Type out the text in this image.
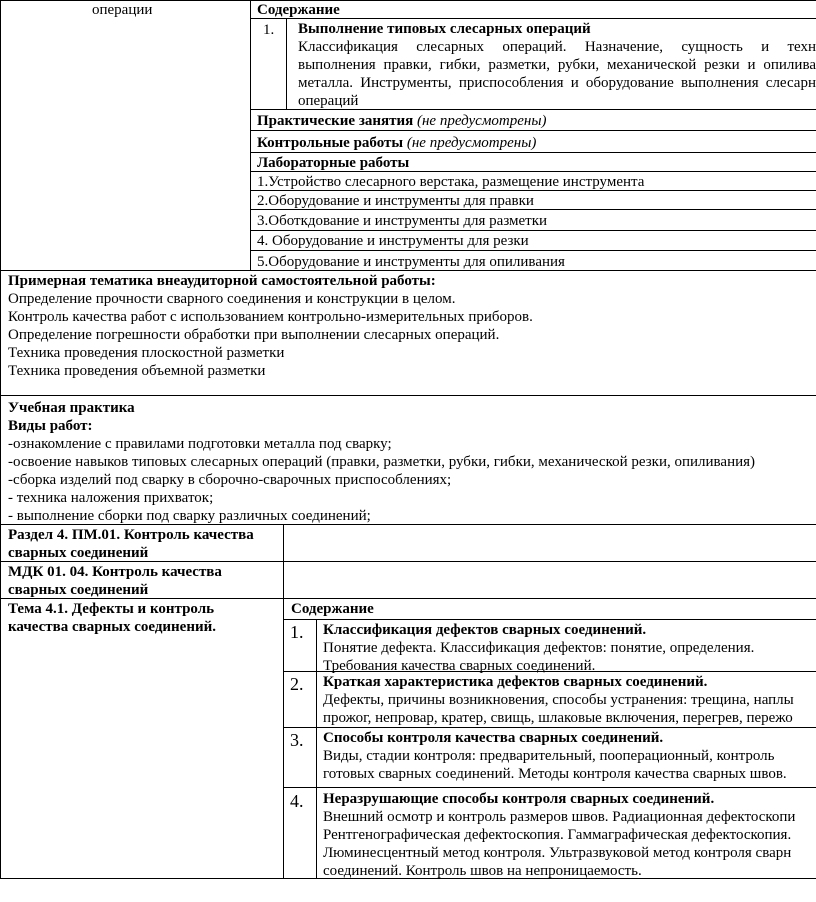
операции	Содержание
1. Выполнение типовых слесарных операций
Классификация слесарных операций. Назначение, сущность и техн
выполнения правки, гибки, разметки, рубки, механической резки и опилива
металла. Инструменты, приспособления и оборудование выполнения слесарн
операций
Практические занятия (не предусмотрены)
Контрольные работы (не предусмотрены)
Лабораторные работы
1.Устройство слесарного верстака, размещение инструмента
2.Оборудование и инструменты для правки
3.Оботкдование и инструменты для разметки
4. Оборудование и инструменты для резки
5.Оборудование и инструменты для опиливания
Примерная тематика внеаудиторной самостоятельной работы:
Определение прочности сварного соединения и конструкции в целом.
Контроль качества работ с использованием контрольно-измерительных приборов.
Определение погрешности обработки при выполнении слесарных операций.
Техника проведения плоскостной разметки
Техника проведения объемной разметки
Учебная практика
Виды работ:
-ознакомление с правилами подготовки металла под сварку;
-освоение навыков типовых слесарных операций (правки, разметки, рубки, гибки, механической резки, опиливания)
-сборка изделий под сварку в сборочно-сварочных приспособлениях;
- техника наложения прихваток;
- выполнение сборки под сварку различных соединений;
Раздел 4. ПМ.01. Контроль качества
сварных соединений
МДК 01. 04. Контроль качества
сварных соединений
Тема 4.1. Дефекты и контроль
качества сварных соединений.
Содержание
1. Классификация дефектов сварных соединений.
Понятие дефекта. Классификация дефектов: понятие, определения.
Требования качества сварных соединений.
2. Краткая характеристика дефектов сварных соединений.
Дефекты, причины возникновения, способы устранения: трещина, наплы
прожог, непровар, кратер, свищь, шлаковые включения, перегрев, пережо
3. Способы контроля качества сварных соединений.
Виды, стадии контроля: предварительный, пооперационный, контроль
готовых сварных соединений. Методы контроля качества сварных швов.
4. Неразрушающие способы контроля сварных соединений.
Внешний осмотр и контроль размеров швов. Радиационная дефектоскопи
Рентгенографическая дефектоскопия. Гаммаграфическая дефектоскопия.
Люминесцентный метод контроля. Ультразвуковой метод контроля сварн
соединений. Контроль швов на непроницаемость.
